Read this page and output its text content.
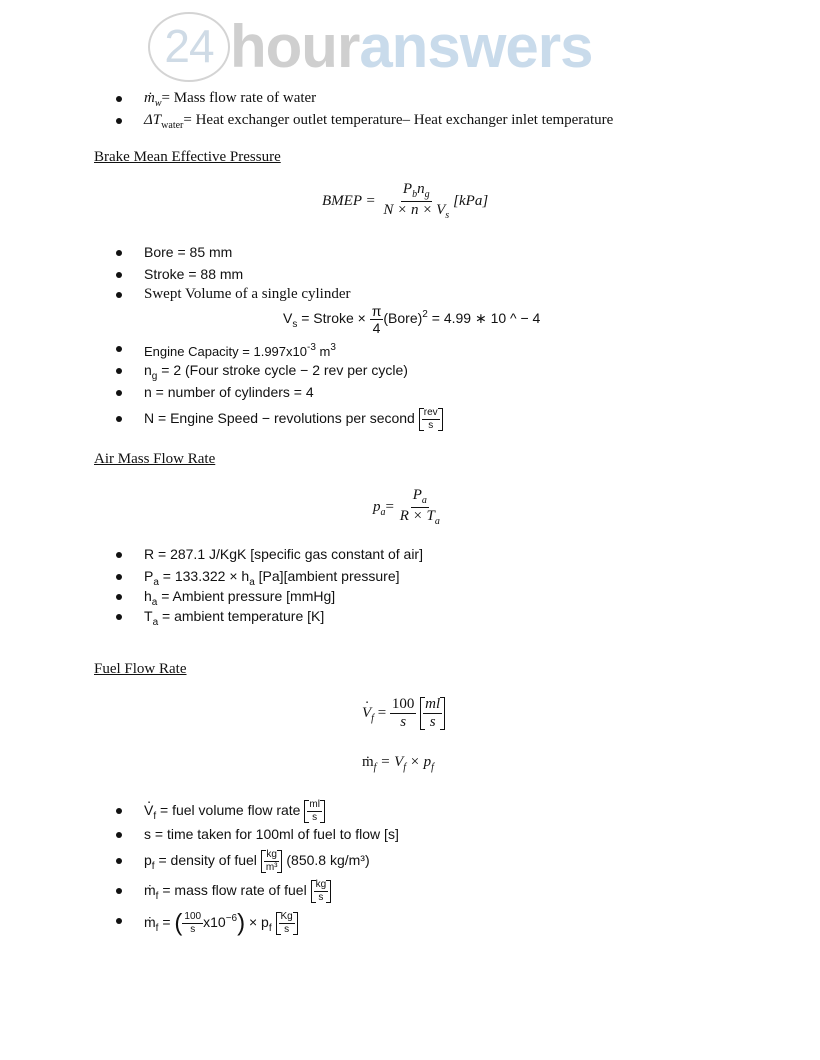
24 houranswers
ṁ$_w$= Mass flow rate of water
$\Delta T_{water}=$ Heat exchanger outlet temperature– Heat exchanger inlet temperature
Brake Mean Effective Pressure
BMEP = $\frac{P_bn_g}{N \times n \times V_s} [kPa]$
Bore = 85 mm
Stroke = 88 mm
Swept Volume of a single cylinder
$V_s$ = Stroke × $\frac{\pi}{4}$ (Bore)$^2$ = 4.99 ∗ 10 ^ − 4
Engine Capacity = $1.997x10^{-3}$ $m^3$
$n_g = 2$ (Four stroke cycle − 2 rev per cycle)
n = number of cylinders = 4
N = Engine Speed − revolutions per second $\frac{\text{rev}}{s}$
Air Mass Flow Rate
$p_a= \frac{P_a}{R \times T_a}$
R = 287.1 J/KgK [specific gas constant of air]
$P_a = 133.322 \times h_a$ [Pa][ambient pressure]
$h_a$ = Ambient pressure [mmHg]
$T_a$ = ambient temperature [K]
Fuel Flow Rate
· $V_f = \frac{100}{s}$
$\frac{ml}{s}$
ṁ$_f$ = $V_f \times p_f$
· $V_f$ = fuel volume flow rate $\frac{ml}{s}$
s = time taken for 100ml of fuel to flow [s]
$p_f$ = density of fuel $\frac{kg}{\text{m³}} (850.8$ kg/m³)
ṁ$_f$ = mass flow rate of fuel $\frac{kg}{s}$
ṁ$_f$ = ( $\frac{100}{s} x10^{-6}) \times p_f \frac{Kg}{s}$
